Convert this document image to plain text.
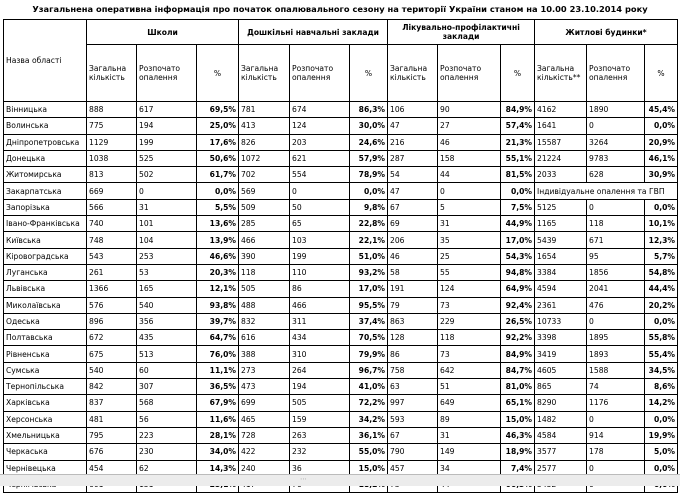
Узагальнена оперативна інформація про початок опалювального сезону на території України станом на 10.00 23.10.2014 року
Назва області	Школи			Дошкільні навчальні заклади			Лікувально-профілактичні заклади			Житлові будинки*		
	Загальна кількість	Розпочато опалення	%	Загальна кількість	Розпочато опалення	%	Загальна кількість	Розпочато опалення	%	Загальна кількість**	Розпочато опалення	%
Вінницька	888	617	69,5%	781	674	86,3%	106	90	84,9%	4162	1890	45,4%
Волинська	775	194	25,0%	413	124	30,0%	47	27	57,4%	1641	0	0,0%
Дніпропетровська	1129	199	17,6%	826	203	24,6%	216	46	21,3%	15587	3264	20,9%
Донецька	1038	525	50,6%	1072	621	57,9%	287	158	55,1%	21224	9783	46,1%
Житомирська	813	502	61,7%	702	554	78,9%	54	44	81,5%	2033	628	30,9%
Закарпатська	669	0	0,0%	569	0	0,0%	47	0	0,0%	Індивідуальне опалення та ГВП		
Запорізька	566	31	5,5%	509	50	9,8%	67	5	7,5%	5125	0	0,0%
Івано-Франківська	740	101	13,6%	285	65	22,8%	69	31	44,9%	1165	118	10,1%
Київська	748	104	13,9%	466	103	22,1%	206	35	17,0%	5439	671	12,3%
Кіровоградська	543	253	46,6%	390	199	51,0%	46	25	54,3%	1654	95	5,7%
Луганська	261	53	20,3%	118	110	93,2%	58	55	94,8%	3384	1856	54,8%
Львівська	1366	165	12,1%	505	86	17,0%	191	124	64,9%	4594	2041	44,4%
Миколаївська	576	540	93,8%	488	466	95,5%	79	73	92,4%	2361	476	20,2%
Одеська	896	356	39,7%	832	311	37,4%	863	229	26,5%	10733	0	0,0%
Полтавська	672	435	64,7%	616	434	70,5%	128	118	92,2%	3398	1895	55,8%
Рівненська	675	513	76,0%	388	310	79,9%	86	73	84,9%	3419	1893	55,4%
Сумська	540	60	11,1%	273	264	96,7%	758	642	84,7%	4605	1588	34,5%
Тернопільська	842	307	36,5%	473	194	41,0%	63	51	81,0%	865	74	8,6%
Харківська	837	568	67,9%	699	505	72,2%	997	649	65,1%	8290	1176	14,2%
Херсонська	481	56	11,6%	465	159	34,2%	593	89	15,0%	1482	0	0,0%
Хмельницька	795	223	28,1%	728	263	36,1%	67	31	46,3%	4584	914	19,9%
Черкаська	676	230	34,0%	422	232	55,0%	790	149	18,9%	3577	178	5,0%
Чернівецька	454	62	14,3%	240	36	15,0%	457	34	7,4%	2577	0	0,0%

⋯
